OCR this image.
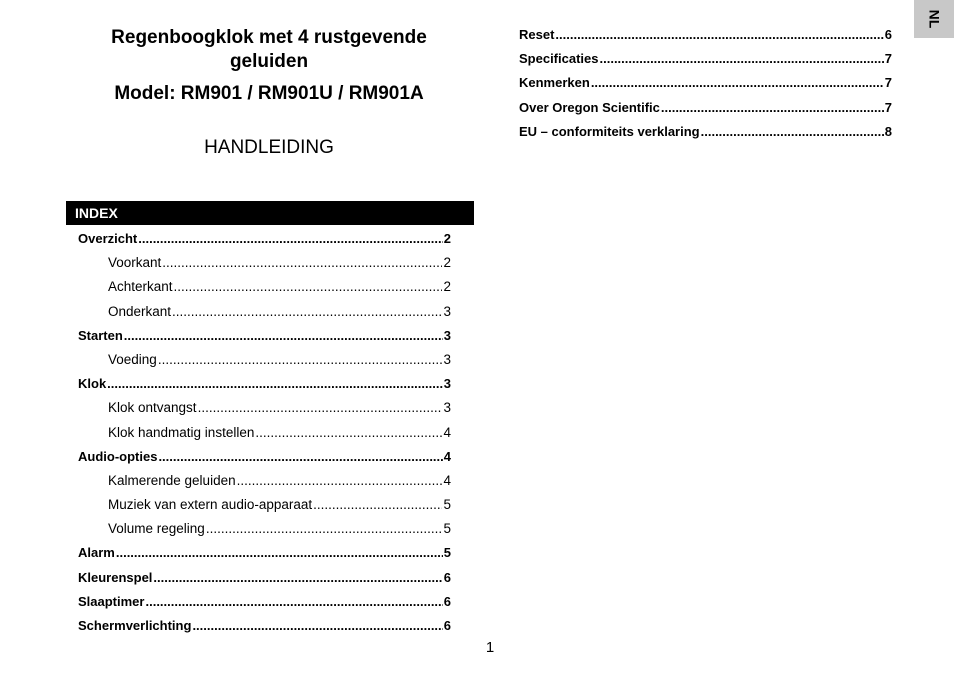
Regenboogklok met 4 rustgevende
geluiden
Model: RM901 / RM901U / RM901A
HANDLEIDING
INDEX
Overzicht .....	2
Voorkant .....	2
Achterkant .....	2
Onderkant .....	3
Starten .....	3
Voeding .....	3
Klok .....	3
Klok ontvangst .....	3
Klok handmatig instellen .....	4
Audio-opties .....	4
Kalmerende geluiden .....	4
Muziek van extern audio-apparaat .....	5
Volume regeling .....	5
Alarm .....	5
Kleurenspel .....	6
Slaaptimer .....	6
Schermverlichting .....	6
Reset .....	6
Specificaties .....	7
Kenmerken .....	7
Over Oregon Scientific .....	7
EU – conformiteits verklaring .....	8
1
NL
